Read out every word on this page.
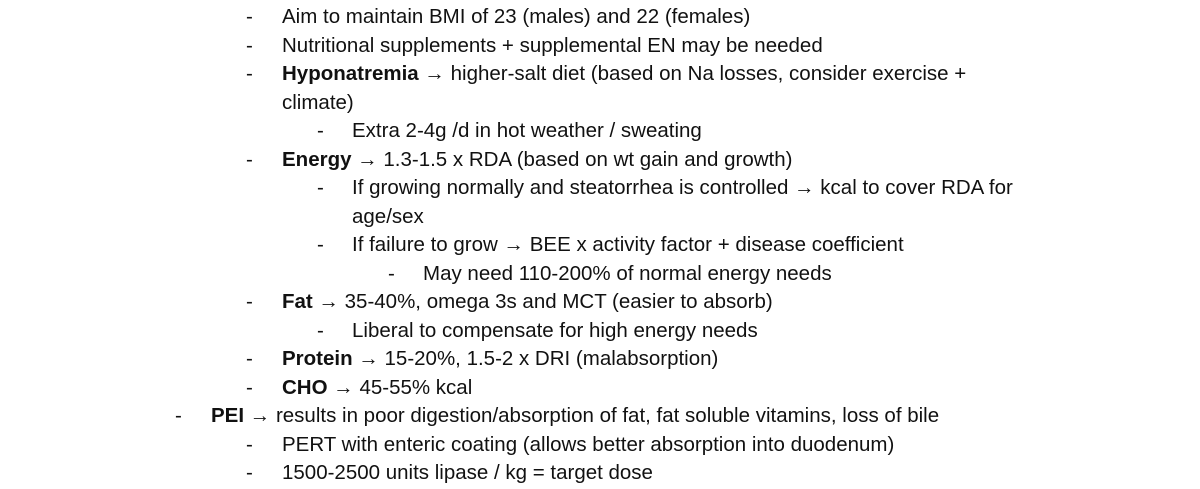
- Aim to maintain BMI of 23 (males) and 22 (females)
- Nutritional supplements + supplemental EN may be needed
- Hyponatremia → higher-salt diet (based on Na losses, consider exercise +
climate)
- Extra 2-4g /d in hot weather / sweating
- Energy → 1.3-1.5 x RDA (based on wt gain and growth)
- If growing normally and steatorrhea is controlled → kcal to cover RDA for
age/sex
- If failure to grow → BEE x activity factor + disease coefficient
- May need 110-200% of normal energy needs
- Fat → 35-40%, omega 3s and MCT (easier to absorb)
- Liberal to compensate for high energy needs
- Protein → 15-20%, 1.5-2 x DRI (malabsorption)
- CHO → 45-55% kcal
- PEI → results in poor digestion/absorption of fat, fat soluble vitamins, loss of bile
- PERT with enteric coating (allows better absorption into duodenum)
- 1500-2500 units lipase / kg = target dose
